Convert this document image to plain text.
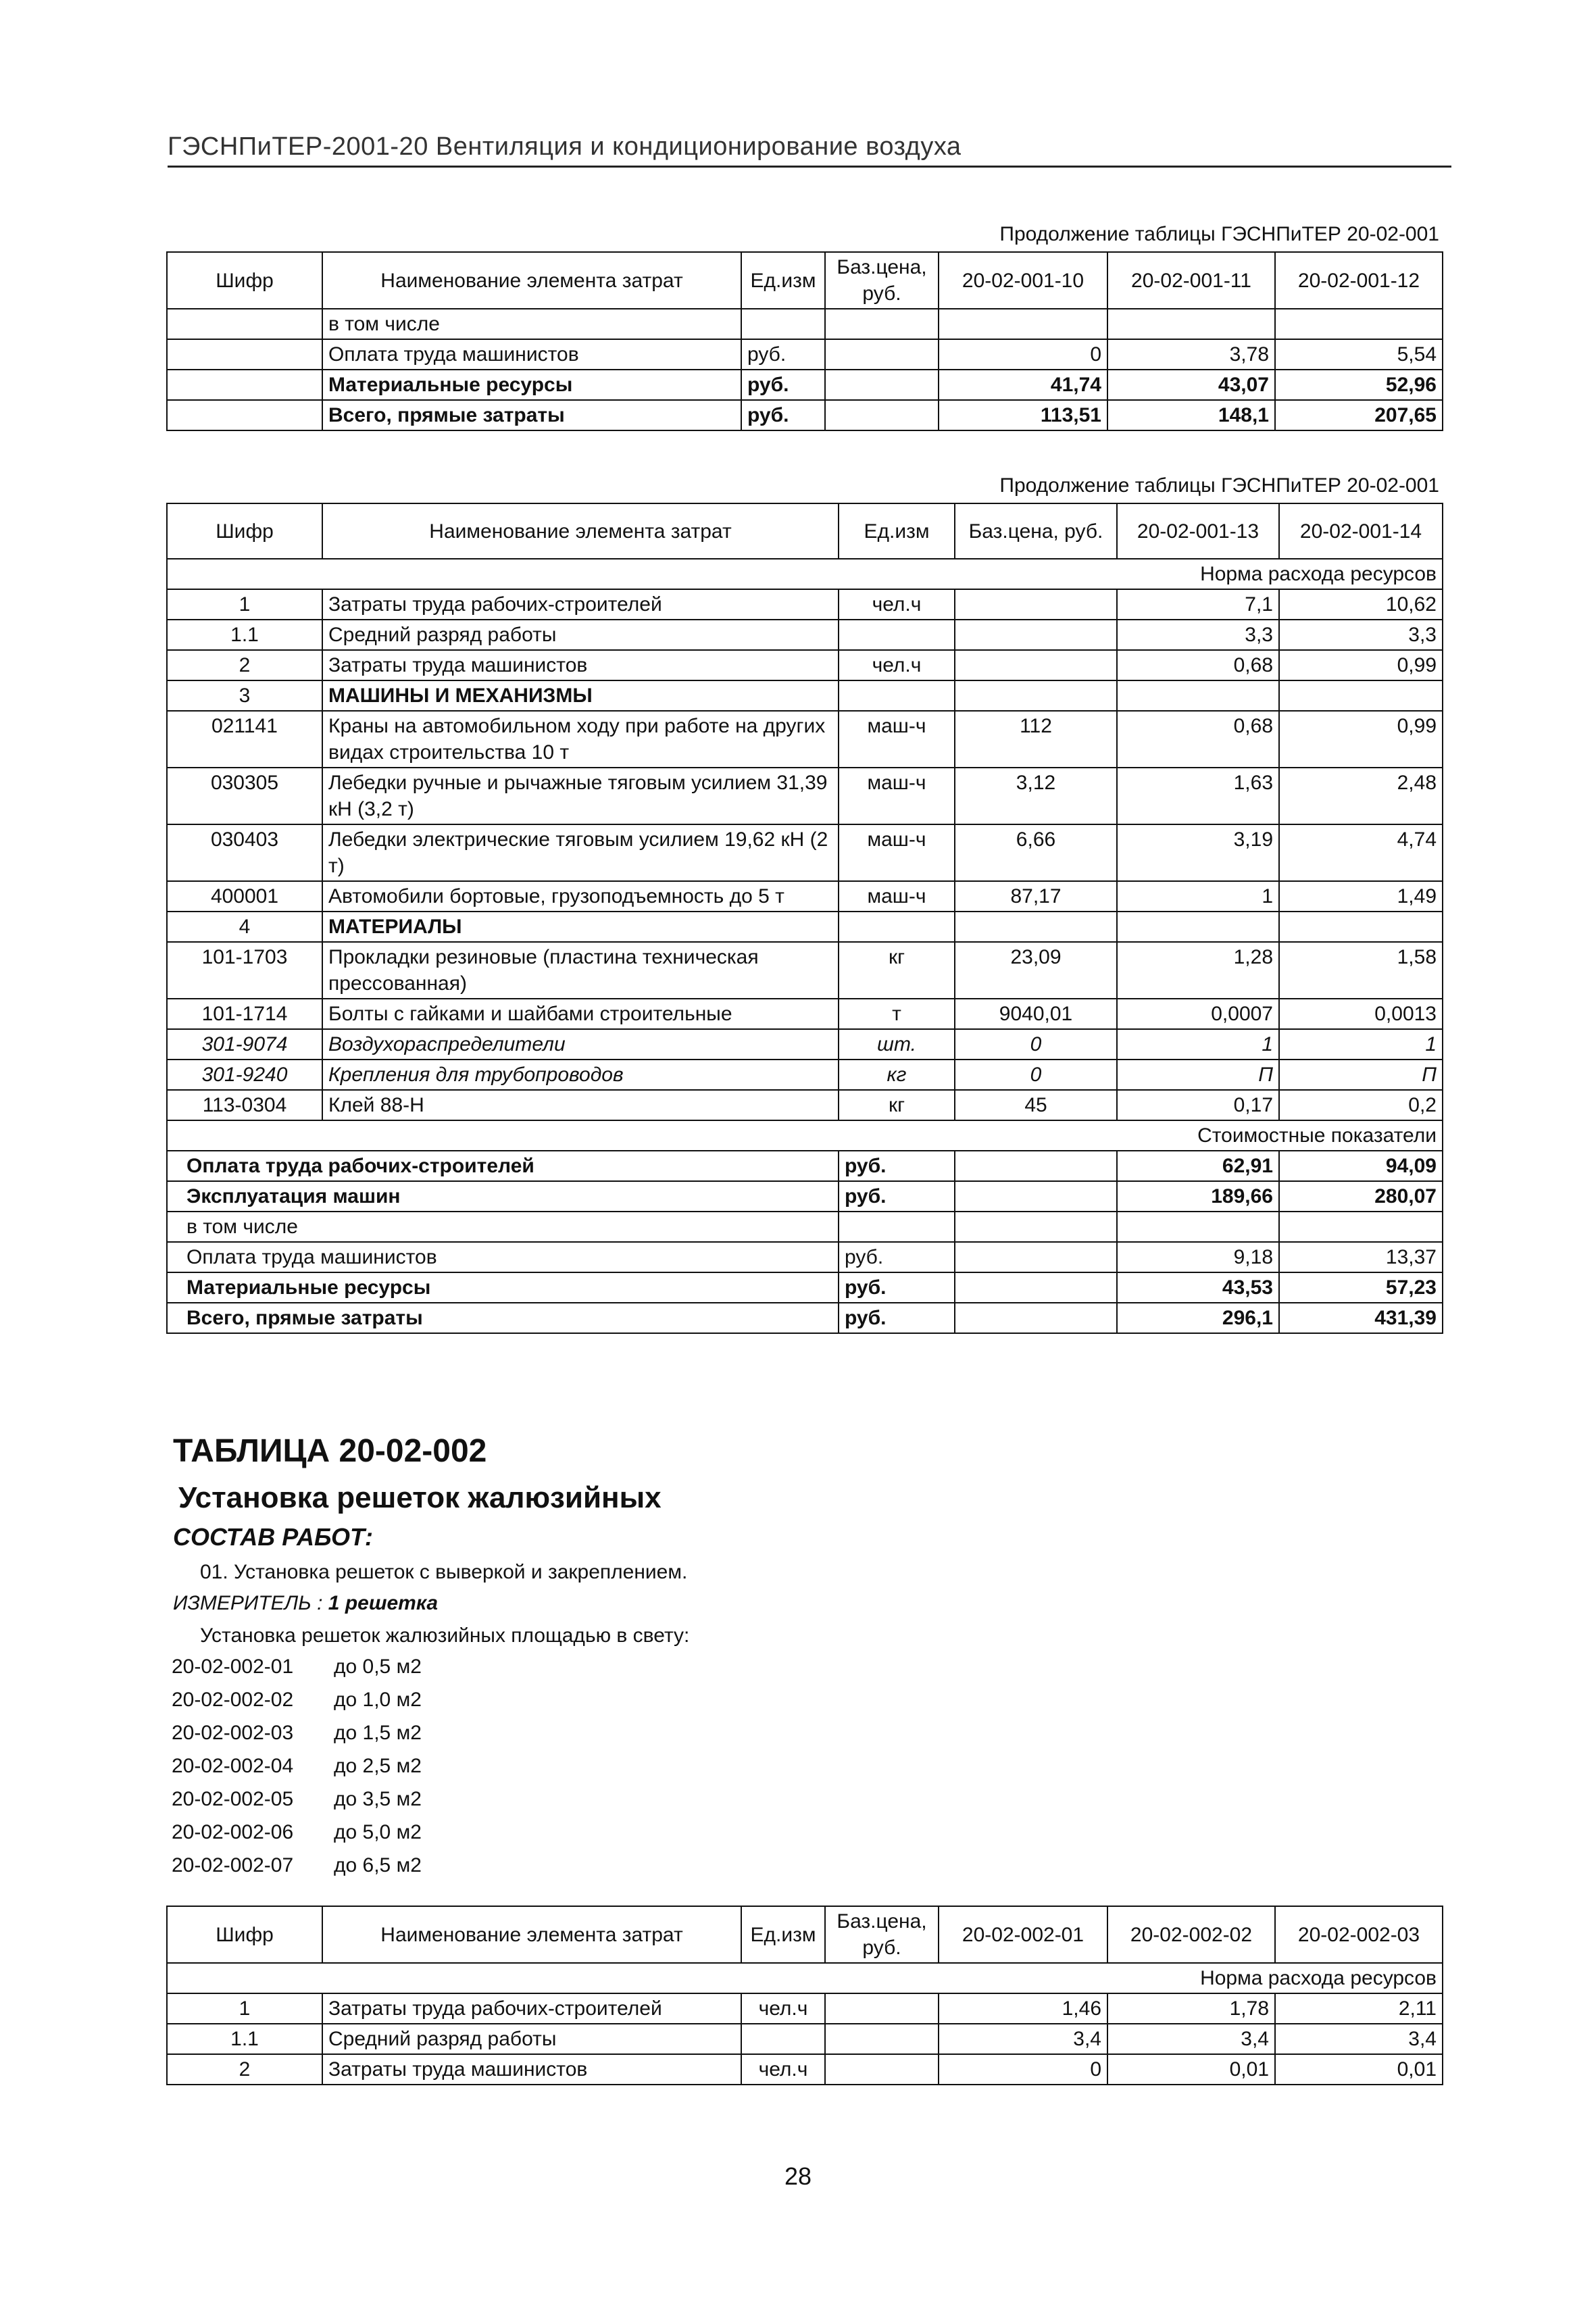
ГЭСНПиТЕР-2001-20 Вентиляция и кондиционирование воздуха
Продолжение таблицы ГЭСНПиТЕР 20-02-001
Шифр	Наименование элемента затрат	Ед.изм	Баз.цена, руб.	20-02-001-10	20-02-001-11	20-02-001-12
	в том числе					
	Оплата труда машинистов	руб.		0	3,78	5,54
	Материальные ресурсы	руб.		41,74	43,07	52,96
	Всего, прямые затраты	руб.		113,51	148,1	207,65
Продолжение таблицы ГЭСНПиТЕР 20-02-001
Шифр	Наименование элемента затрат	Ед.изм	Баз.цена, руб.	20-02-001-13	20-02-001-14
Норма расхода ресурсов					
1	Затраты труда рабочих-строителей	чел.ч		7,1	10,62
1.1	Средний разряд работы			3,3	3,3
2	Затраты труда машинистов	чел.ч		0,68	0,99
3	МАШИНЫ И МЕХАНИЗМЫ				
021141	Краны на автомобильном ходу при работе на других видах строительства 10 т	маш-ч	112	0,68	0,99
030305	Лебедки ручные и рычажные тяговым усилием 31,39 кН (3,2 т)	маш-ч	3,12	1,63	2,48
030403	Лебедки электрические тяговым усилием 19,62 кН (2 т)	маш-ч	6,66	3,19	4,74
400001	Автомобили бортовые, грузоподъемность до 5 т	маш-ч	87,17	1	1,49
4	МАТЕРИАЛЫ				
101-1703	Прокладки резиновые (пластина техническая прессованная)	кг	23,09	1,28	1,58
101-1714	Болты с гайками и шайбами строительные	т	9040,01	0,0007	0,0013
301-9074	Воздухораспределители	шт.	0	1	1
301-9240	Крепления для трубопроводов	кг	0	П	П
113-0304	Клей 88-Н	кг	45	0,17	0,2
Стоимостные показатели					
Оплата труда рабочих-строителей		руб.		62,91	94,09
Эксплуатация машин		руб.		189,66	280,07
в том числе					
Оплата труда машинистов		руб.		9,18	13,37
Материальные ресурсы		руб.		43,53	57,23
Всего, прямые затраты		руб.		296,1	431,39
ТАБЛИЦА 20-02-002
Установка решеток жалюзийных
СОСТАВ РАБОТ:
01. Установка решеток с выверкой и закреплением.
ИЗМЕРИТЕЛЬ : 1 решетка
Установка решеток жалюзийных площадью в свету:
20-02-002-01	до 0,5 м2
20-02-002-02	до 1,0 м2
20-02-002-03	до 1,5 м2
20-02-002-04	до 2,5 м2
20-02-002-05	до 3,5 м2
20-02-002-06	до 5,0 м2
20-02-002-07	до 6,5 м2
Шифр	Наименование элемента затрат	Ед.изм	Баз.цена, руб.	20-02-002-01	20-02-002-02	20-02-002-03
Норма расхода ресурсов						
1	Затраты труда рабочих-строителей	чел.ч		1,46	1,78	2,11
1.1	Средний разряд работы			3,4	3,4	3,4
2	Затраты труда машинистов	чел.ч		0	0,01	0,01
28
